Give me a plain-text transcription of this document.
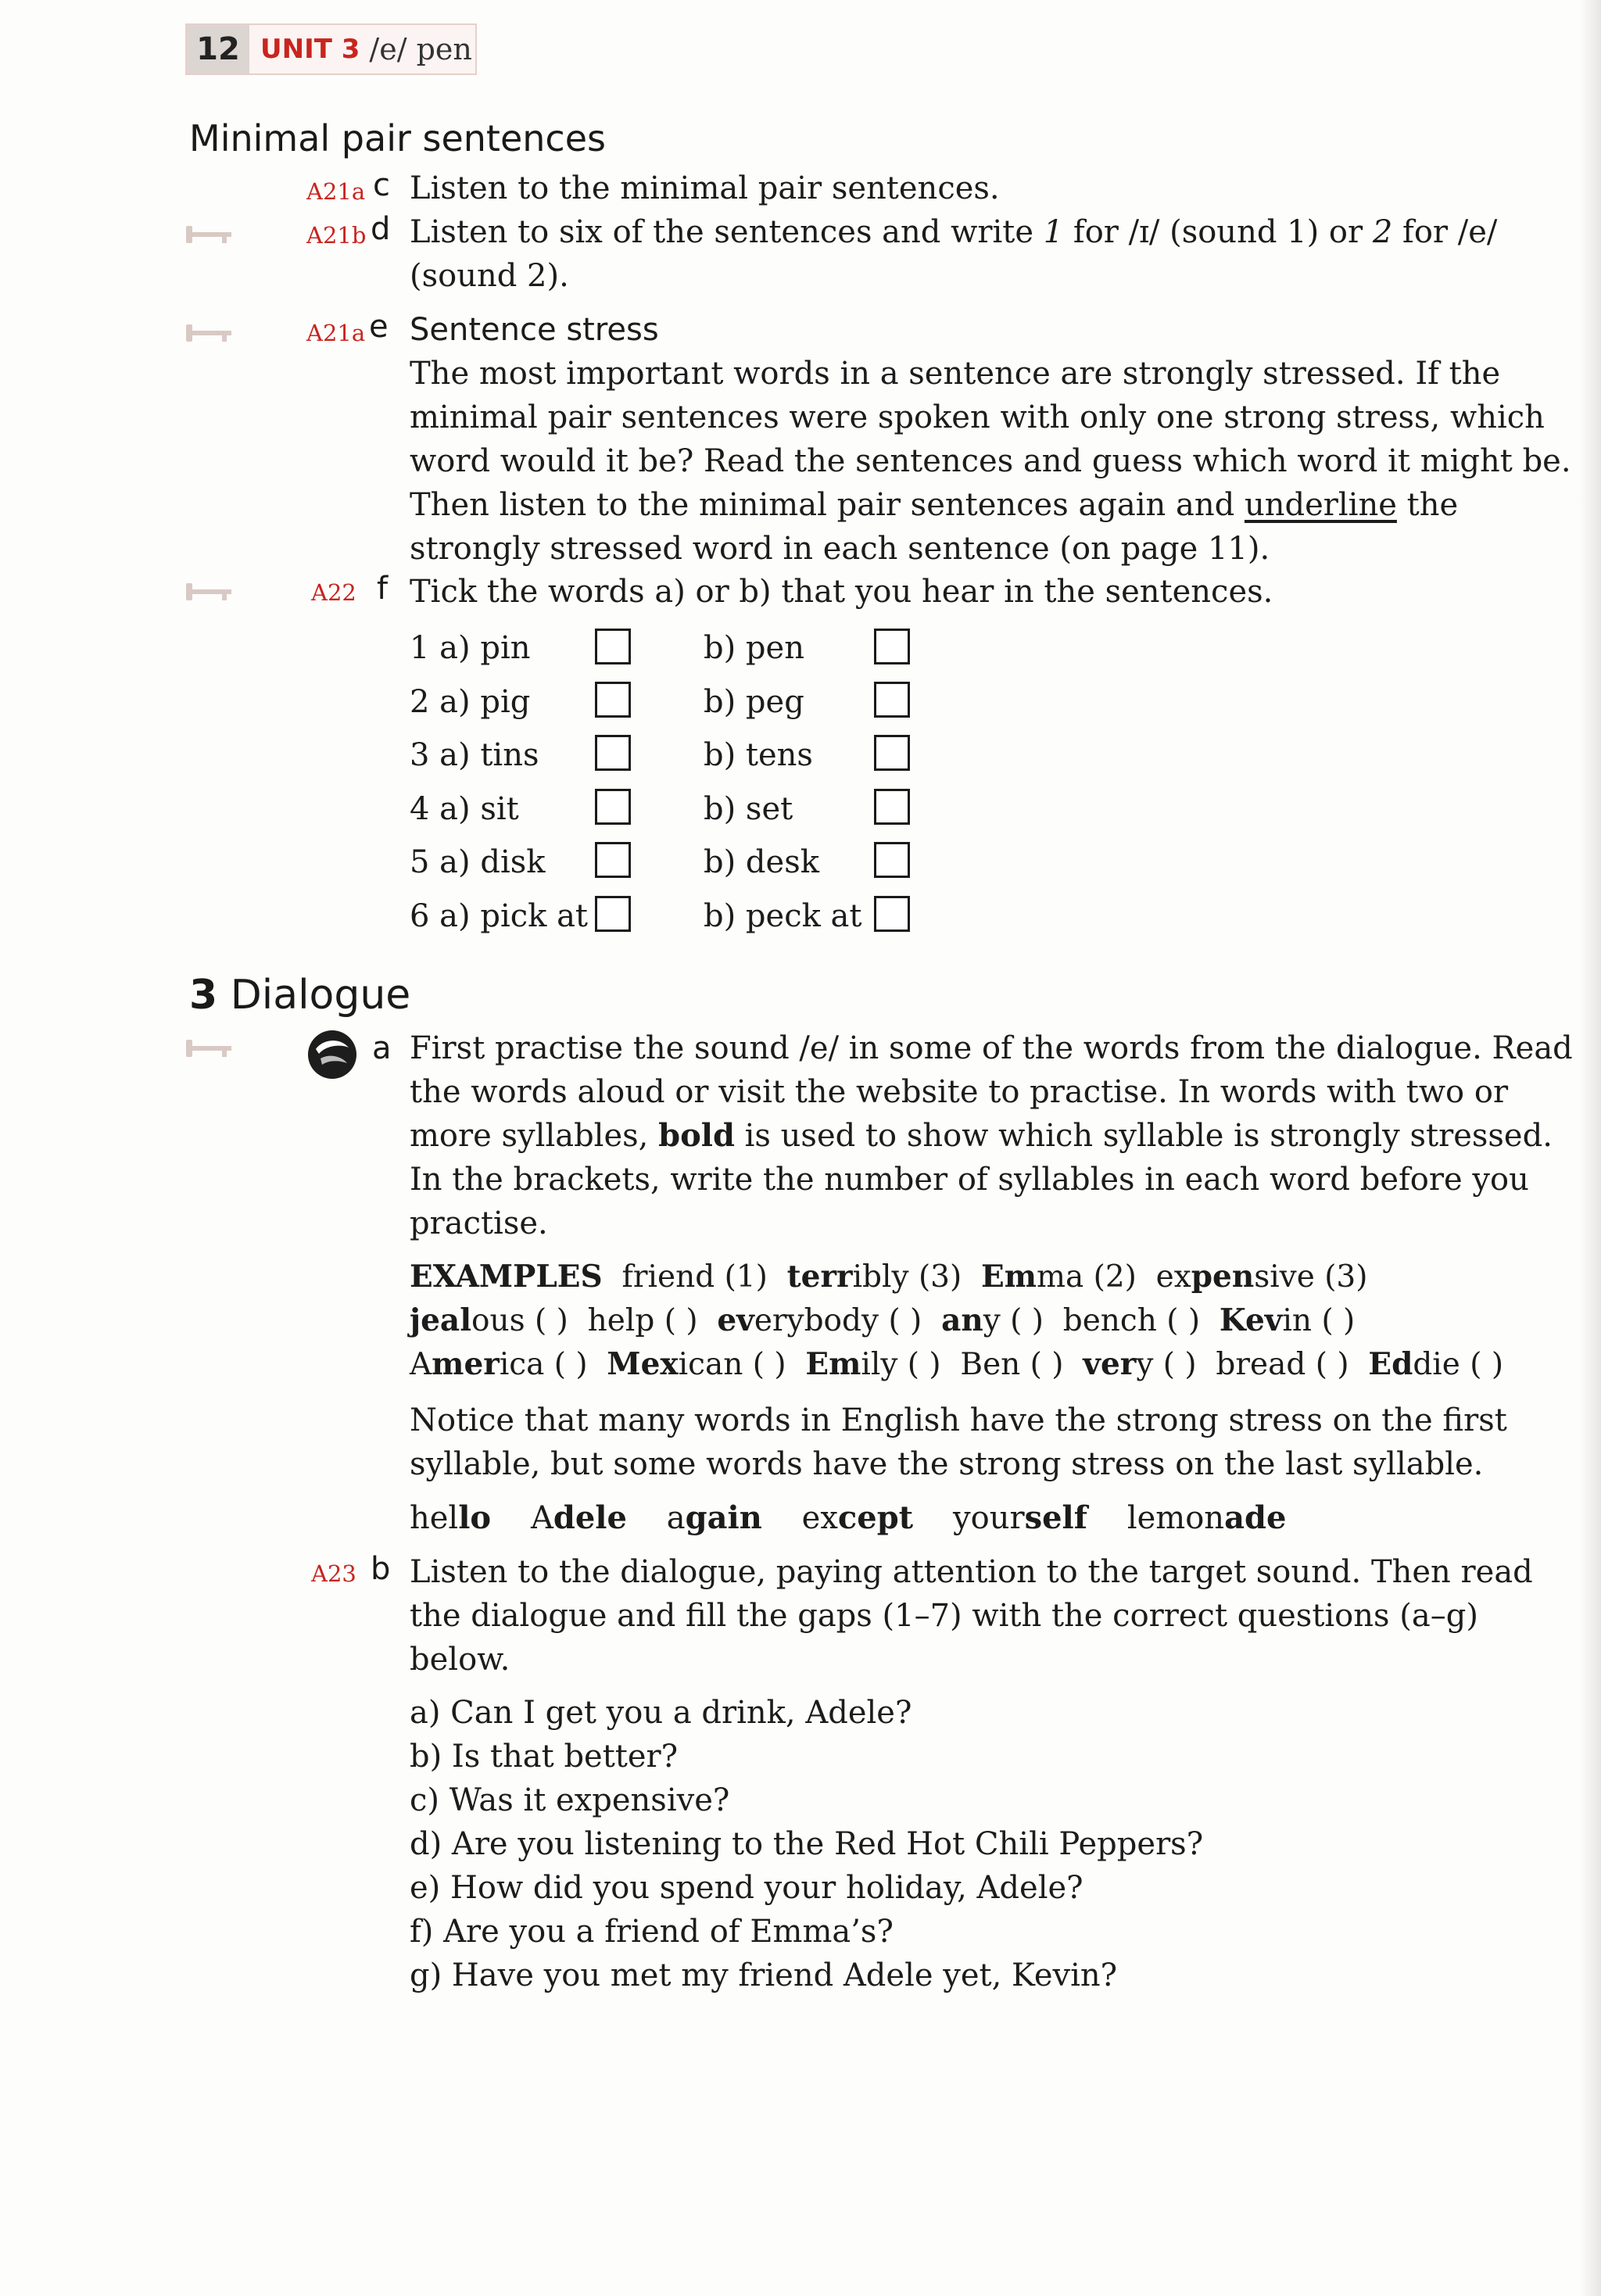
12 UNIT 3 /e/ pen
Minimal pair sentences
A21a c Listen to the minimal pair sentences.
A21b d Listen to six of the sentences and write 1 for /ɪ/ (sound 1) or 2 for /e/
(sound 2).
A21a e Sentence stress
The most important words in a sentence are strongly stressed. If the
minimal pair sentences were spoken with only one strong stress, which
word would it be? Read the sentences and guess which word it might be.
Then listen to the minimal pair sentences again and underline the
strongly stressed word in each sentence (on page 11).
A22 f Tick the words a) or b) that you hear in the sentences.
1 a) pin	b) pen
2 a) pig	b) peg
3 a) tins	b) tens
4 a) sit	b) set
5 a) disk	b) desk
6 a) pick at	b) peck at
3 Dialogue
a First practise the sound /e/ in some of the words from the dialogue. Read
the words aloud or visit the website to practise. In words with two or
more syllables, bold is used to show which syllable is strongly stressed.
In the brackets, write the number of syllables in each word before you
practise.
EXAMPLES friend (1) terribly (3) Emma (2) expensive (3)
jealous ( ) help ( ) everybody ( ) any ( ) bench ( ) Kevin ( )
America ( ) Mexican ( ) Emily ( ) Ben ( ) very ( ) bread ( ) Eddie ( )
Notice that many words in English have the strong stress on the first
syllable, but some words have the strong stress on the last syllable.
hello Adele again except yourself lemonade
A23 b Listen to the dialogue, paying attention to the target sound. Then read
the dialogue and fill the gaps (1–7) with the correct questions (a–g)
below.
a) Can I get you a drink, Adele?
b) Is that better?
c) Was it expensive?
d) Are you listening to the Red Hot Chili Peppers?
e) How did you spend your holiday, Adele?
f) Are you a friend of Emma’s?
g) Have you met my friend Adele yet, Kevin?
